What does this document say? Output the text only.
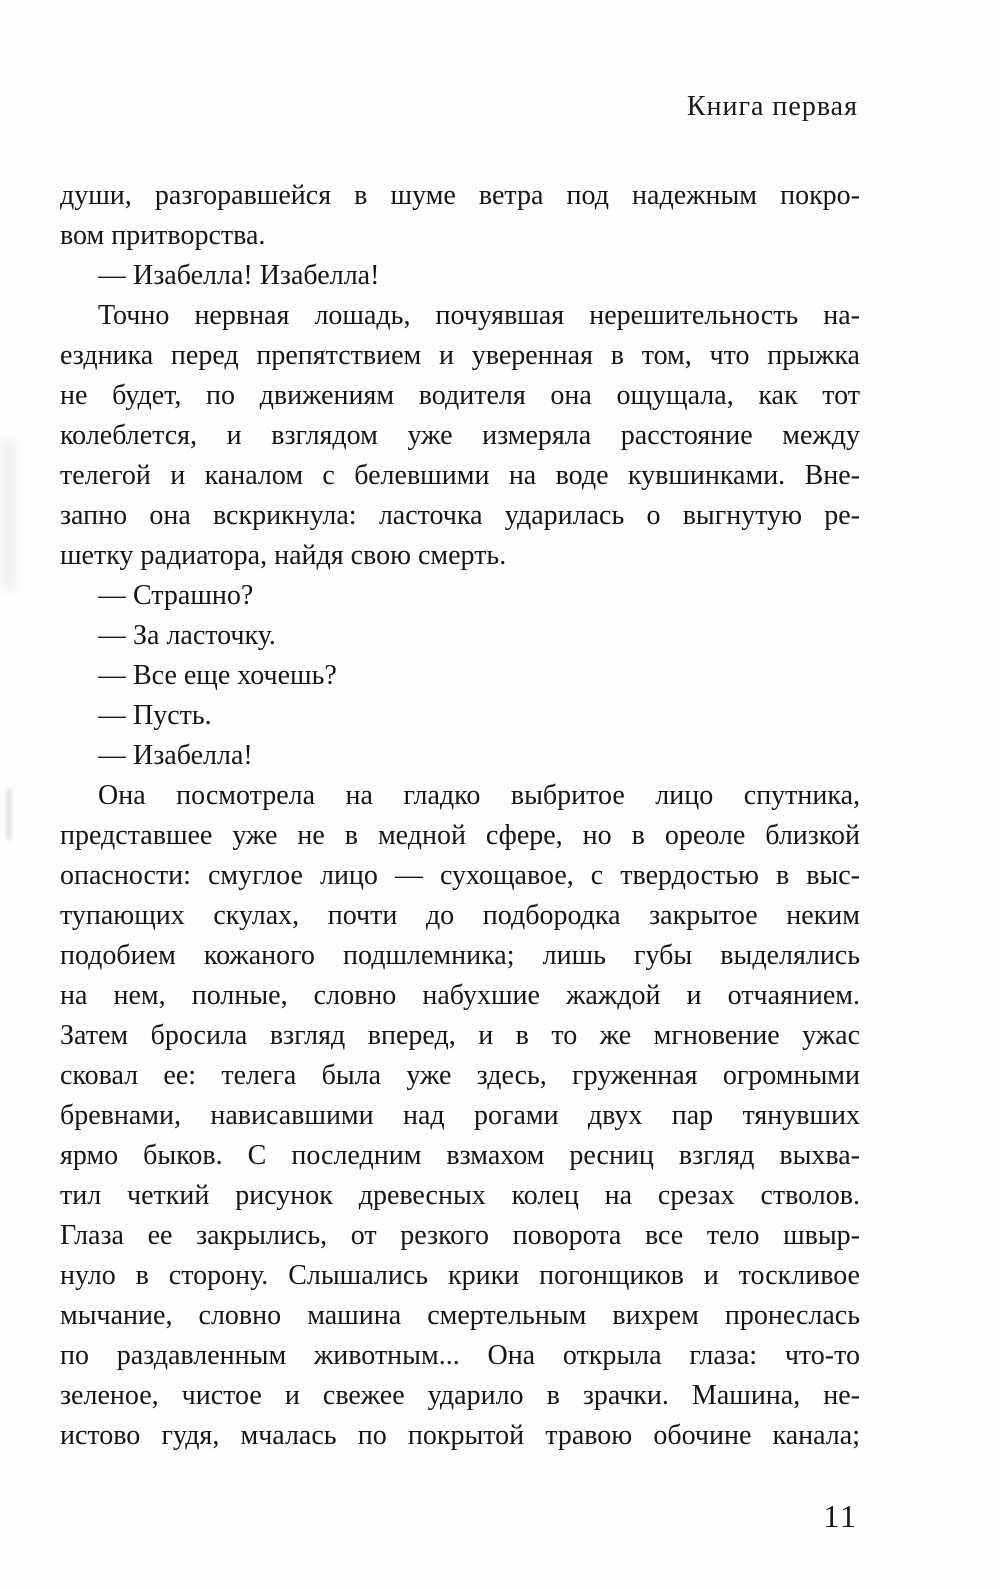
Книга первая
души, разгоравшейся в шуме ветра под надежным покро-
вом притворства.
— Изабелла! Изабелла!
Точно нервная лошадь, почуявшая нерешительность на-
ездника перед препятствием и уверенная в том, что прыжка
не будет, по движениям водителя она ощущала, как тот
колеблется, и взглядом уже измеряла расстояние между
телегой и каналом с белевшими на воде кувшинками. Вне-
запно она вскрикнула: ласточка ударилась о выгнутую ре-
шетку радиатора, найдя свою смерть.
— Страшно?
— За ласточку.
— Все еще хочешь?
— Пусть.
— Изабелла!
Она посмотрела на гладко выбритое лицо спутника,
представшее уже не в медной сфере, но в ореоле близкой
опасности: смуглое лицо — сухощавое, с твердостью в выс-
тупающих скулах, почти до подбородка закрытое неким
подобием кожаного подшлемника; лишь губы выделялись
на нем, полные, словно набухшие жаждой и отчаянием.
Затем бросила взгляд вперед, и в то же мгновение ужас
сковал ее: телега была уже здесь, груженная огромными
бревнами, нависавшими над рогами двух пар тянувших
ярмо быков. С последним взмахом ресниц взгляд выхва-
тил четкий рисунок древесных колец на срезах стволов.
Глаза ее закрылись, от резкого поворота все тело швыр-
нуло в сторону. Слышались крики погонщиков и тоскливое
мычание, словно машина смертельным вихрем пронеслась
по раздавленным животным... Она открыла глаза: что-то
зеленое, чистое и свежее ударило в зрачки. Машина, не-
истово гудя, мчалась по покрытой травою обочине канала;
11
